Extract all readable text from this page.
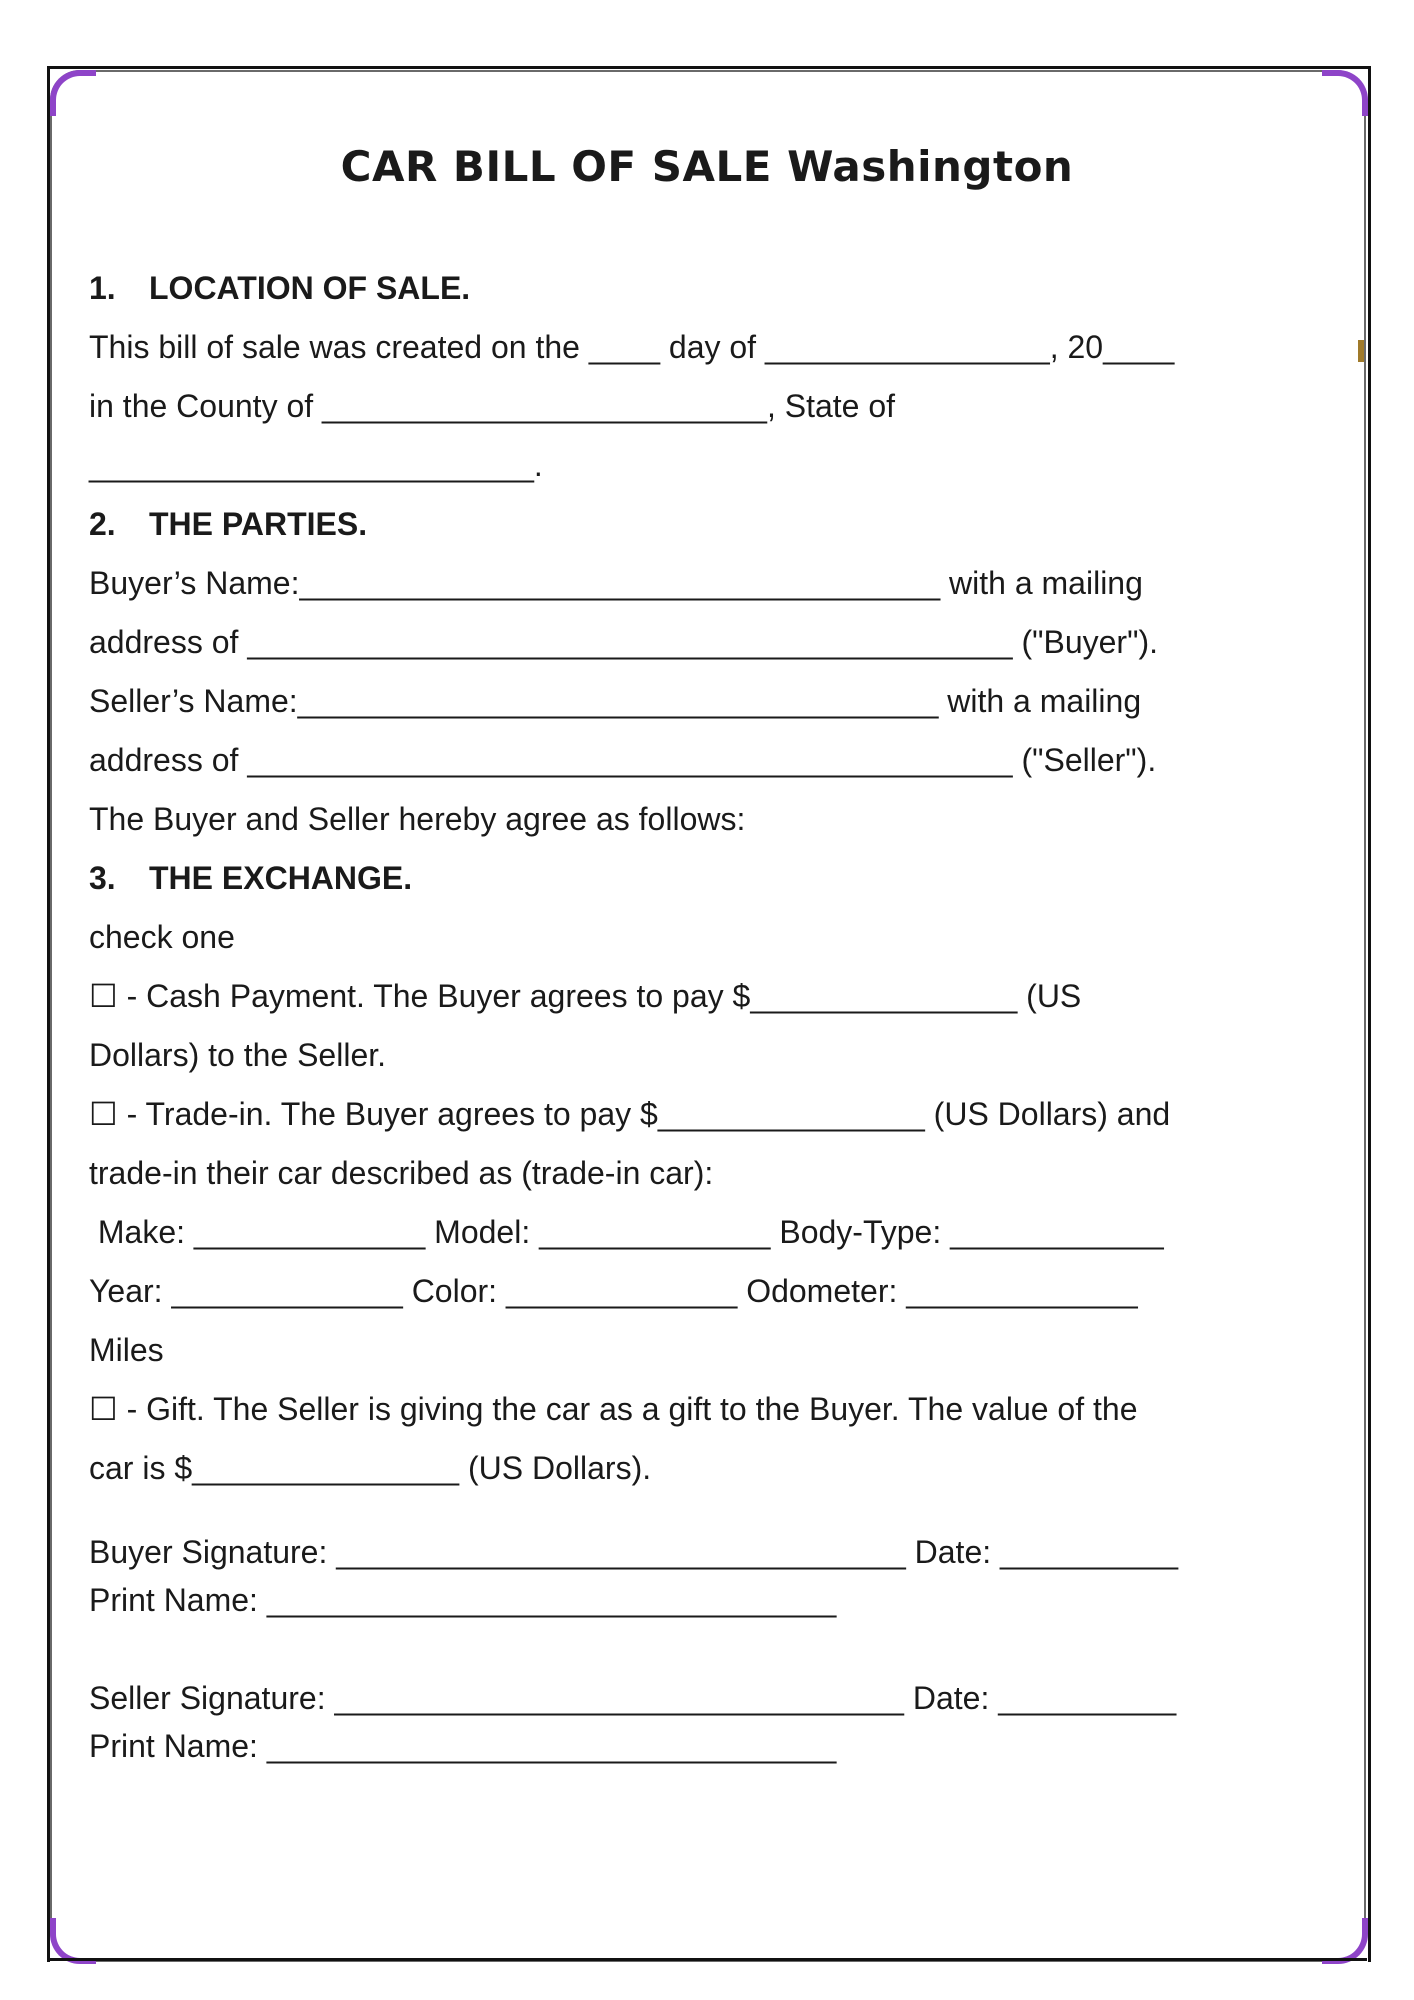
CAR BILL OF SALE Washington
1. LOCATION OF SALE.
This bill of sale was created on the ____ day of ________________, 20____
in the County of _________________________, State of
_________________________.
2. THE PARTIES.
Buyer’s Name:____________________________________ with a mailing
address of ___________________________________________ ("Buyer").
Seller’s Name:____________________________________ with a mailing
address of ___________________________________________ ("Seller").
The Buyer and Seller hereby agree as follows:
3. THE EXCHANGE.
check one
☐ - Cash Payment. The Buyer agrees to pay $_______________ (US
Dollars) to the Seller.
☐ - Trade-in. The Buyer agrees to pay $_______________ (US Dollars) and
trade-in their car described as (trade-in car):
Make: _____________ Model: _____________ Body-Type: ____________
Year: _____________ Color: _____________ Odometer: _____________
Miles
☐ - Gift. The Seller is giving the car as a gift to the Buyer. The value of the
car is $_______________ (US Dollars).
Buyer Signature: ________________________________ Date: __________
Print Name: ________________________________
Seller Signature: ________________________________ Date: __________
Print Name: ________________________________
